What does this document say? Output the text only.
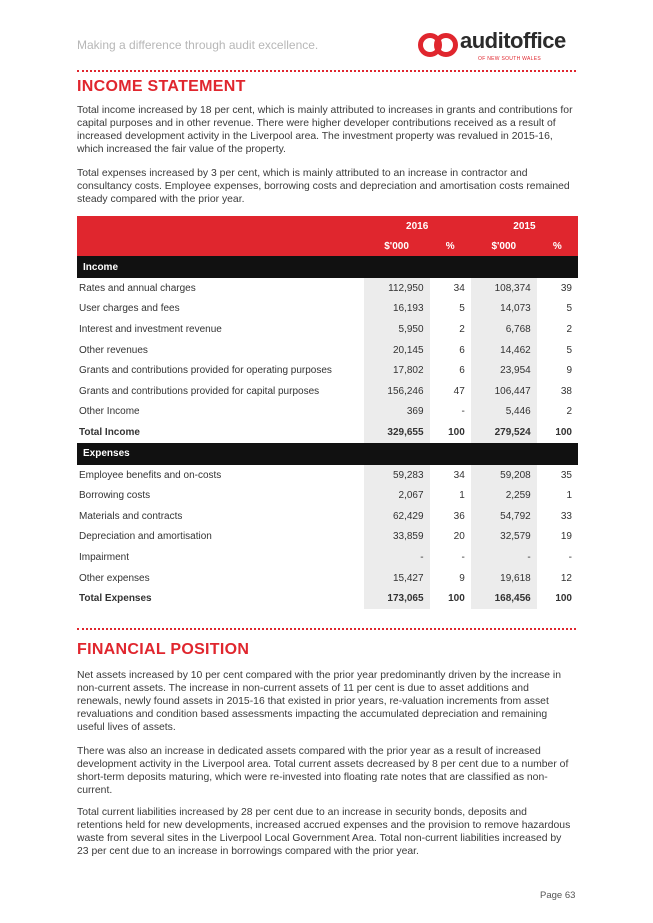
Making a difference through audit excellence.	auditoffice
OF NEW SOUTH WALES
INCOME STATEMENT

Total income increased by 18 per cent, which is mainly attributed to increases in grants and contributions for capital purposes and in other revenue. There were higher developer contributions received as a result of increased development activity in the Liverpool area. The investment property was revalued in 2015-16, which increased the fair value of the property.

Total expenses increased by 3 per cent, which is mainly attributed to an increase in contractor and consultancy costs. Employee expenses, borrowing costs and depreciation and amortisation costs remained steady compared with the prior year.

	2016		2015	
	$'000	%	$'000	%
Income				
Rates and annual charges	112,950	34	108,374	39
User charges and fees	16,193	5	14,073	5
Interest and investment revenue	5,950	2	6,768	2
Other revenues	20,145	6	14,462	5
Grants and contributions provided for operating purposes	17,802	6	23,954	9
Grants and contributions provided for capital purposes	156,246	47	106,447	38
Other Income	369	-	5,446	2
Total Income	329,655	100	279,524	100
Expenses				
Employee benefits and on-costs	59,283	34	59,208	35
Borrowing costs	2,067	1	2,259	1
Materials and contracts	62,429	36	54,792	33
Depreciation and amortisation	33,859	20	32,579	19
Impairment	-	-	-	-
Other expenses	15,427	9	19,618	12
Total Expenses	173,065	100	168,456	100
FINANCIAL POSITION

Net assets increased by 10 per cent compared with the prior year predominantly driven by the increase in non-current assets. The increase in non-current assets of 11 per cent is due to asset additions and renewals, newly found assets in 2015-16 that existed in prior years, re-valuation increments from asset revaluations and condition based assessments impacting the accumulated depreciation and remaining useful lives of assets.

There was also an increase in dedicated assets compared with the prior year as a result of increased development activity in the Liverpool area. Total current assets decreased by 8 per cent due to a number of short-term deposits maturing, which were re-invested into floating rate notes that are classified as non-current.

Total current liabilities increased by 28 per cent due to an increase in security bonds, deposits and retentions held for new developments, increased accrued expenses and the provision to remove hazardous waste from several sites in the Liverpool Local Government Area. Total non-current liabilities increased by 23 per cent due to an increase in borrowings compared with the prior year.

Page 63
